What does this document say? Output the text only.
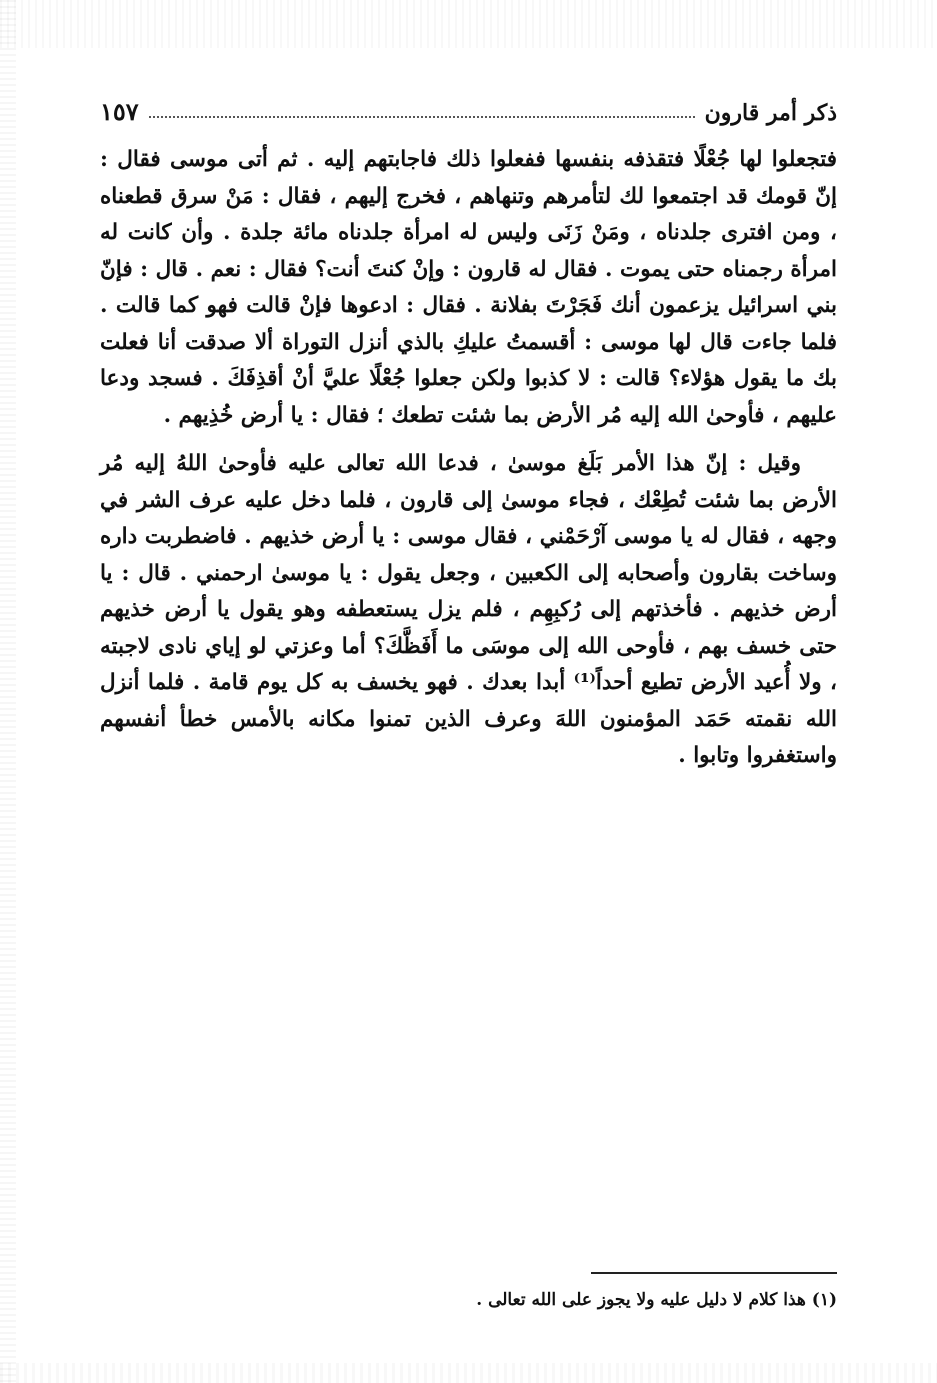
ذكر أمر قارون
١٥٧

فتجعلوا لها جُعْلًا فتقذفه بنفسها ففعلوا ذلك فاجابتهم إليه . ثم أتى موسى فقال : إنّ قومك قد اجتمعوا لك لتأمرهم وتنهاهم ، فخرج إليهم ، فقال : مَنْ سرق قطعناه ، ومن افترى جلدناه ، ومَنْ زَنَى وليس له امرأة جلدناه مائة جلدة . وأن كانت له امرأة رجمناه حتى يموت . فقال له قارون : وإنْ كنتَ أنت؟ فقال : نعم . قال : فإنّ بني اسرائيل يزعمون أنك فَجَرْتَ بفلانة . فقال : ادعوها فإنْ قالت فهو كما قالت . فلما جاءت قال لها موسى : أقسمتُ عليكِ بالذي أنزل التوراة ألا صدقت أنا فعلت بك ما يقول هؤلاء؟ قالت : لا كذبوا ولكن جعلوا جُعْلًا عليَّ أنْ أقذِفَكَ . فسجد ودعا عليهم ، فأوحىٰ الله إليه مُر الأرض بما شئت تطعك ؛ فقال : يا أرض خُذِيهم .

وقيل : إنّ هذا الأمر بَلَغ موسىٰ ، فدعا الله تعالى عليه فأوحىٰ اللهُ إليه مُر الأرض بما شئت تُطِعْك ، فجاء موسىٰ إلى قارون ، فلما دخل عليه عرف الشر في وجهه ، فقال له يا موسى آرْحَمْني ، فقال موسى : يا أرض خذيهم . فاضطربت داره وساخت بقارون وأصحابه إلى الكعبين ، وجعل يقول : يا موسىٰ ارحمني . قال : يا أرض خذيهم . فأخذتهم إلى رُكبِهِم ، فلم يزل يستعطفه وهو يقول يا أرض خذيهم حتى خسف بهم ، فأوحى الله إلى موسَى ما أَفَظَّكَ؟ أما وعزتي لو إياي نادى لاجبته ، ولا أُعيد الأرض تطيع أحداً⁽¹⁾ أبدا بعدك . فهو يخسف به كل يوم قامة . فلما أنزل الله نقمته حَمَد المؤمنون اللهَ وعرف الذين تمنوا مكانه بالأمس خطأ أنفسهم واستغفروا وتابوا .

(١) هذا كلام لا دليل عليه ولا يجوز على الله تعالى .
